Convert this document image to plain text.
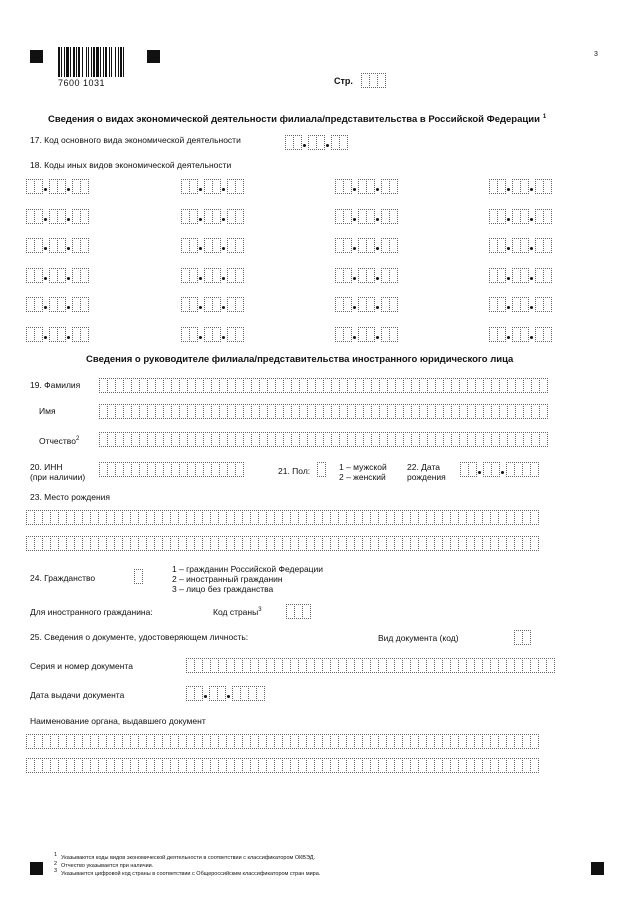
3
7600 1031	Стр.
Сведения о видах экономической деятельности филиала/представительства в Российской Федерации $^1$
17. Код основного вида экономической деятельности
18. Коды иных видов экономической деятельности
Сведения о руководителе филиала/представительства иностранного юридического лица
19. Фамилия
Имя
Отчество$^2$
20. ИНН
(при наличии)
21. Пол:	1 – мужской
2 – женский
22. Дата
рождения
23. Место рождения
24. Гражданство
1 – гражданин Российской Федерации
2 – иностранный гражданин
3 – лицо без гражданства
Для иностранного гражданина:	Код страны$^3$
25. Сведения о документе, удостоверяющем личность:	Вид документа (код)
Серия и номер документа
Дата выдачи документа
Наименование органа, выдавшего документ
1 Указываются коды видов экономической деятельности в соответствии с классификатором ОКВЭД.
2 Отчество указывается при наличии.
3 Указывается цифровой код страны в соответствии с Общероссийским классификатором стран мира.
